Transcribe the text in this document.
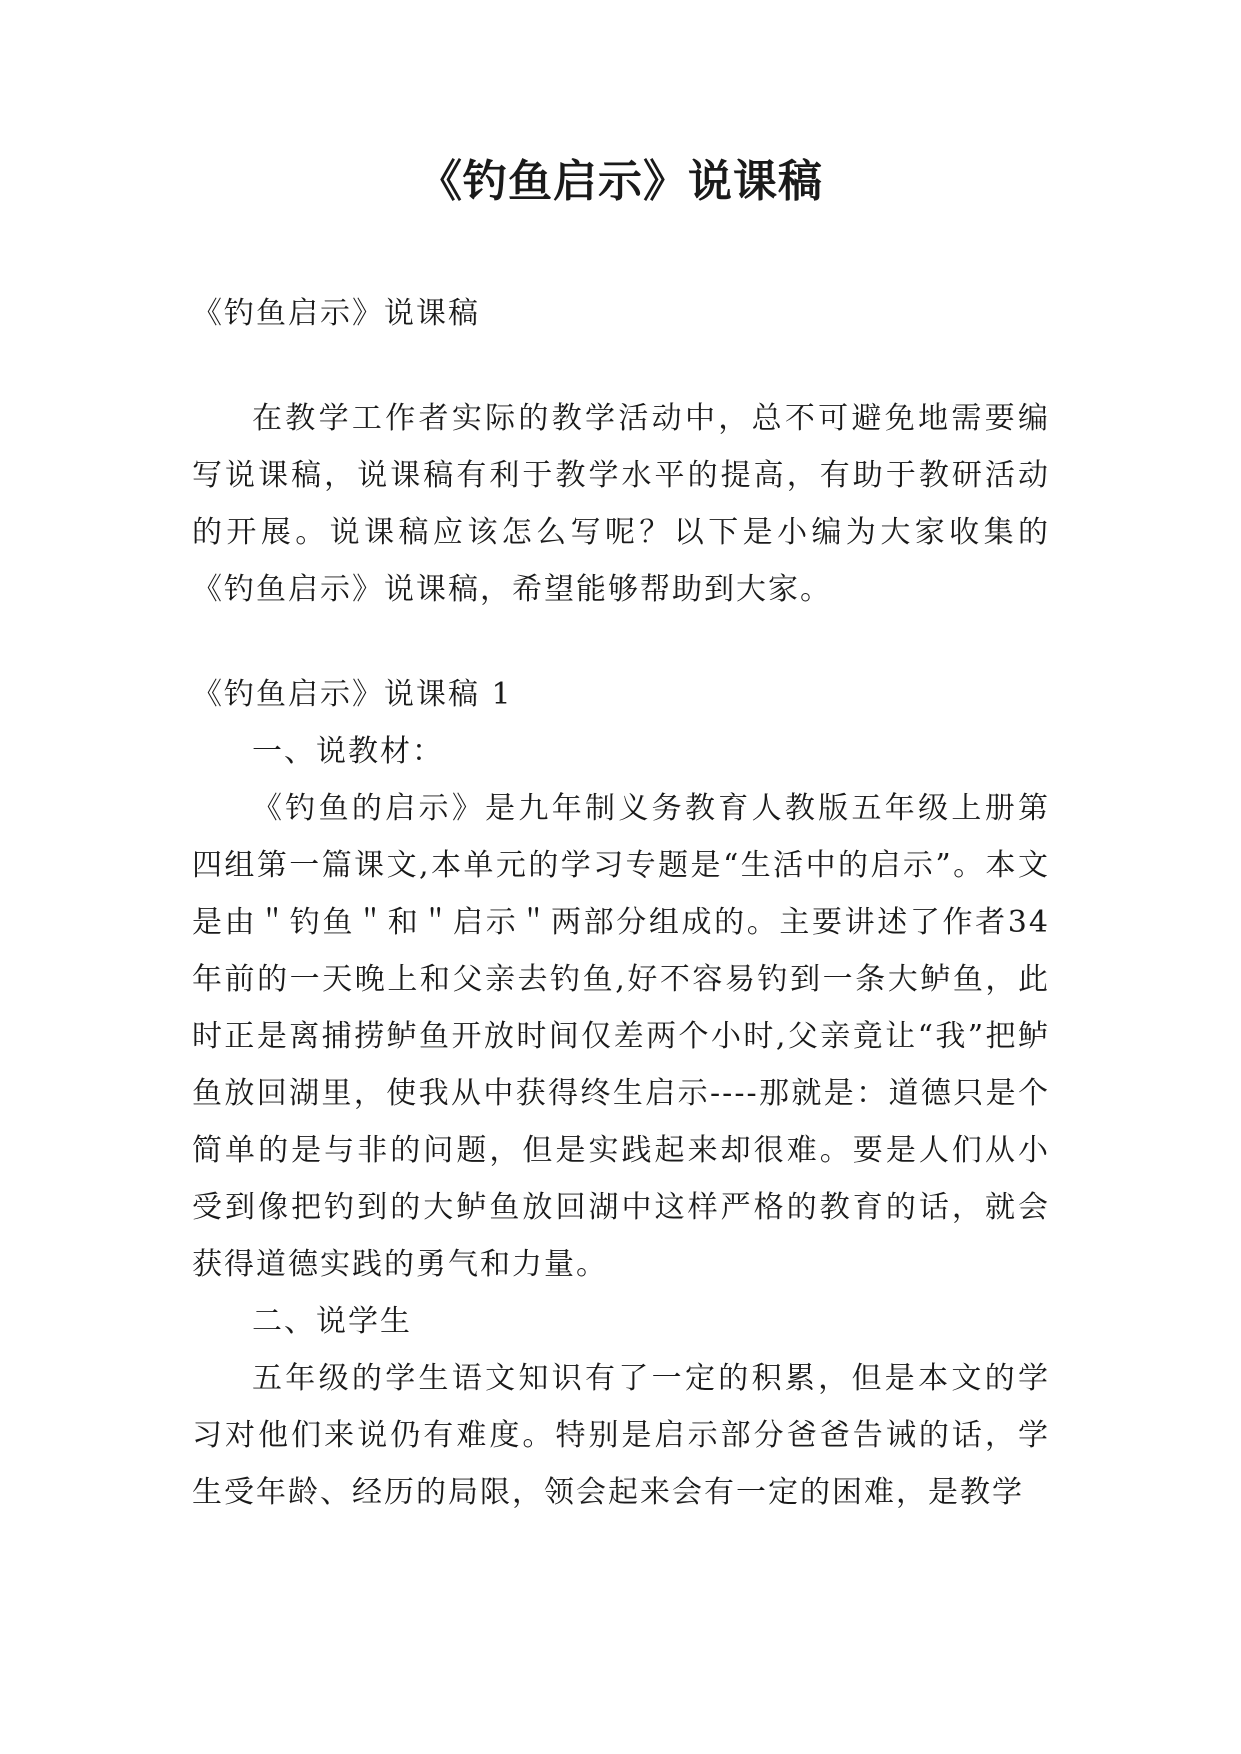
《钓鱼启示》说课稿

《钓鱼启示》说课稿

在教学工作者实际的教学活动中，总不可避免地需要编写说课稿，说课稿有利于教学水平的提高，有助于教研活动的开展。说课稿应该怎么写呢？以下是小编为大家收集的《钓鱼启示》说课稿，希望能够帮助到大家。

《钓鱼启示》说课稿 1

一、说教材：

《钓鱼的启示》是九年制义务教育人教版五年级上册第四组第一篇课文,本单元的学习专题是“生活中的启示”。本文是由＂钓鱼＂和＂启示＂两部分组成的。主要讲述了作者34年前的一天晚上和父亲去钓鱼,好不容易钓到一条大鲈鱼，此时正是离捕捞鲈鱼开放时间仅差两个小时,父亲竟让“我”把鲈鱼放回湖里，使我从中获得终生启示----那就是：道德只是个简单的是与非的问题，但是实践起来却很难。要是人们从小受到像把钓到的大鲈鱼放回湖中这样严格的教育的话，就会获得道德实践的勇气和力量。

二、说学生

五年级的学生语文知识有了一定的积累，但是本文的学习对他们来说仍有难度。特别是启示部分爸爸告诫的话，学生受年龄、经历的局限，领会起来会有一定的困难，是教学
